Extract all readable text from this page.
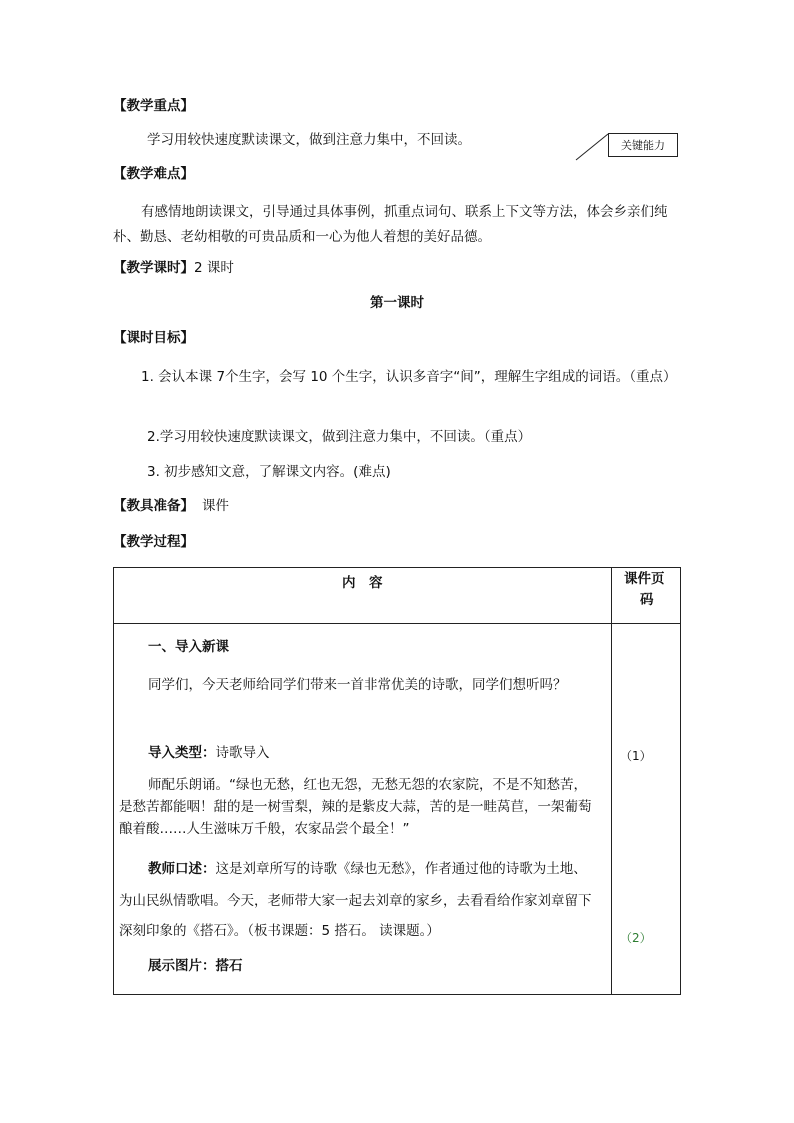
【教学重点】
学习用较快速度默读课文，做到注意力集中，不回读。	关键能力
【教学难点】
有感情地朗读课文，引导通过具体事例，抓重点词句、联系上下文等方法，体会乡亲们纯朴、勤恳、老幼相敬的可贵品质和一心为他人着想的美好品德。
【教学课时】2 课时
第一课时
【课时目标】
1. 会认本课 7个生字，会写 10 个生字，认识多音字“间”，理解生字组成的词语。（重点）
2.学习用较快速度默读课文，做到注意力集中，不回读。（重点）
3. 初步感知文意，了解课文内容。(难点)
【教具准备】 课件
【教学过程】
内　容	课件页
码
一、导入新课
同学们，今天老师给同学们带来一首非常优美的诗歌，同学们想听吗？
导入类型：诗歌导入
师配乐朗诵。“绿也无愁，红也无怨，无愁无怨的农家院，不是不知愁苦，
是愁苦都能咽！甜的是一树雪梨，辣的是紫皮大蒜，苦的是一畦莴苣，一架葡萄
酿着酸……人生滋味万千般，农家品尝个最全！”
教师口述：这是刘章所写的诗歌《绿也无愁》，作者通过他的诗歌为土地、
为山民纵情歌唱。今天，老师带大家一起去刘章的家乡，去看看给作家刘章留下
深刻印象的《搭石》。（板书课题：5 搭石。 读课题。）
展示图片：搭石
（1）
（2）
